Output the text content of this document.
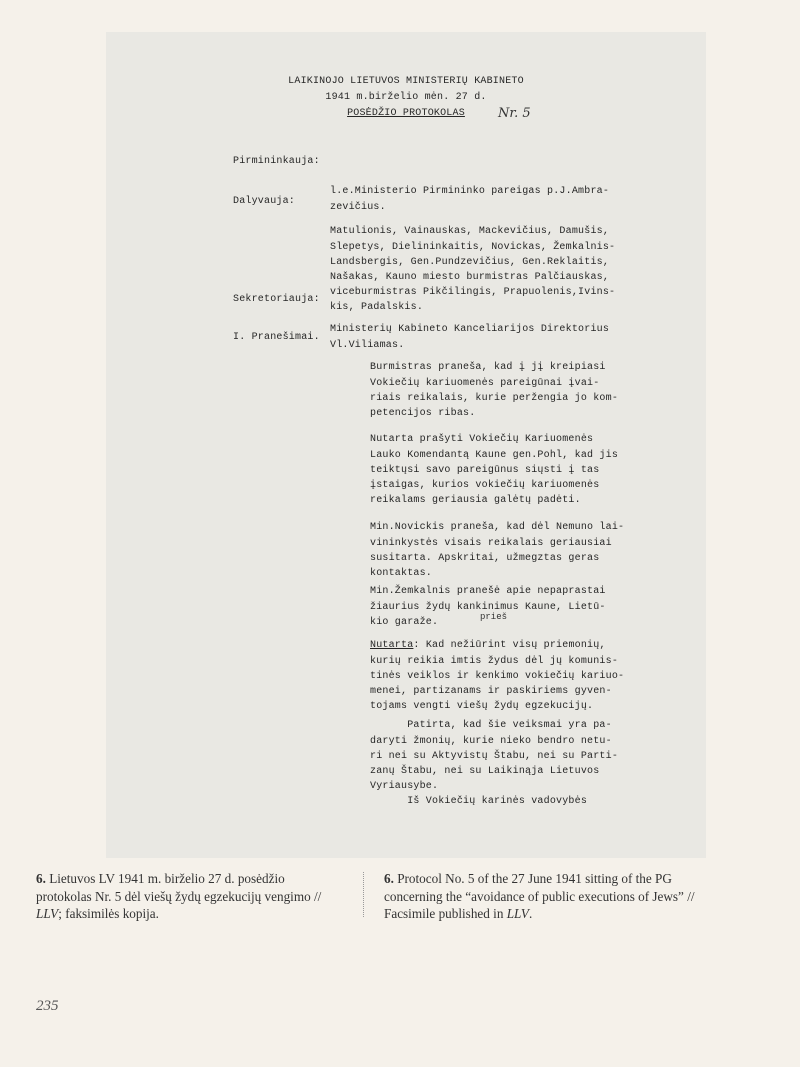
LAIKINOJO LIETUVOS MINISTERIŲ KABINETO
1941 m.birželio mėn. 27 d.
POSĖDŽIO PROTOKOLAS	Nr. 5
Pirmininkauja:

l.e.Ministerio Pirmininko pareigas p.J.Ambra-
zevičius.

Dalyvauja:

Matulionis, Vainauskas, Mackevičius, Damušis,
Slepetys, Dielininkaitis, Novickas, Žemkalnis-
Landsbergis, Gen.Pundzevičius, Gen.Reklaitis,
Našakas, Kauno miesto burmistras Palčiauskas,
viceburmistras Pikčilingis, Prapuolenis,Ivins-
kis, Padalskis.

Sekretoriauja:

Ministerių Kabineto Kanceliarijos Direktorius
Vl.Viliamas.

I. Pranešimai.

Burmistras praneša, kad į jį kreipiasi
Vokiečių kariuomenės pareigūnai įvai-
riais reikalais, kurie peržengia jo kom-
petencijos ribas.

Nutarta prašyti Vokiečių Kariuomenės
Lauko Komendantą Kaune gen.Pohl, kad jis
teiktųsi savo pareigūnus siųsti į tas
įstaigas, kurios vokiečių kariuomenės
reikalams geriausia galėtų padėti.

Min.Novickis praneša, kad dėl Nemuno lai-
vininkystės visais reikalais geriausiai
susitarta. Apskritai, užmegztas geras
kontaktas.

Min.Žemkalnis pranešė apie nepaprastai
žiaurius žydų kankinimus Kaune, Lietū-
kio garaže.

	prieš

Nutarta: Kad nežiūrint visų priemonių,
kurių reikia imtis žydus dėl jų komunis-
tinės veiklos ir kenkimo vokiečių kariuo-
menei, partizanams ir paskiriems gyven-
tojams vengti viešų žydų egzekucijų.

Patirta, kad šie veiksmai yra pa-
daryti žmonių, kurie nieko bendro netu-
ri nei su Aktyvistų Štabu, nei su Parti-
zanų Štabu, nei su Laikinąja Lietuvos
Vyriausybe.
Iš Vokiečių karinės vadovybės

6. Lietuvos LV 1941 m. birželio 27 d. posėdžio protokolas Nr. 5 dėl viešų žydų egzekucijų vengimo // LLV; faksimilės kopija.
6. Protocol No. 5 of the 27 June 1941 sitting of the PG concerning the “avoidance of public executions of Jews” // Facsimile published in LLV.
235
